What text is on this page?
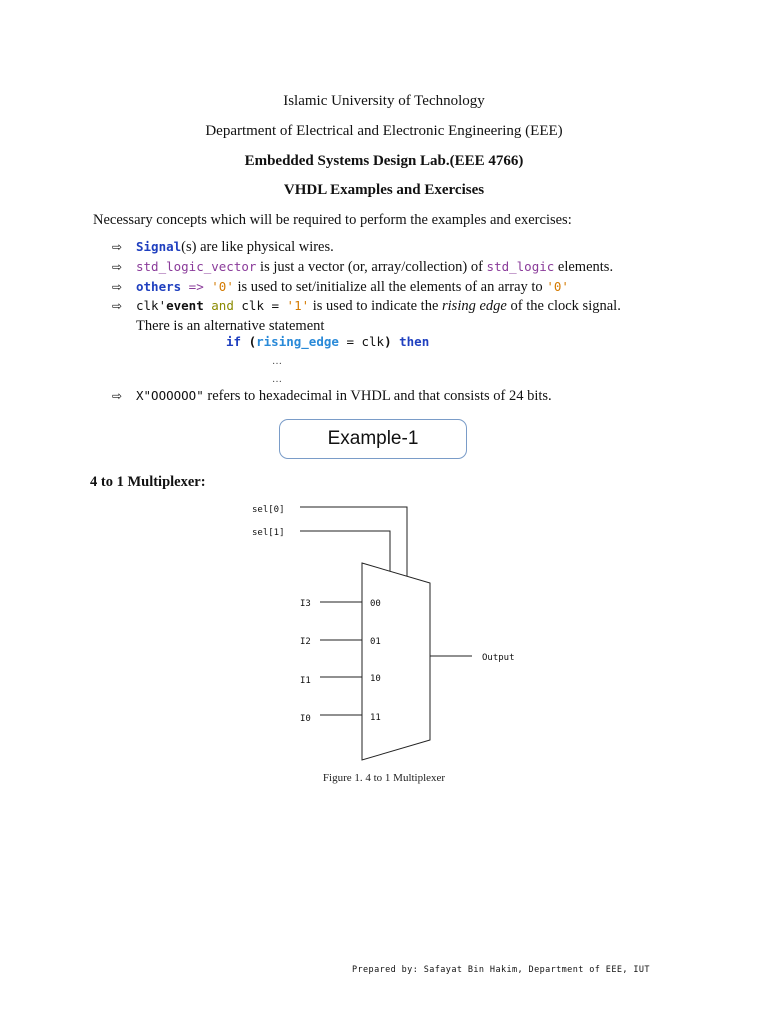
Islamic University of Technology
Department of Electrical and Electronic Engineering (EEE)
Embedded Systems Design Lab.(EEE 4766)
VHDL Examples and Exercises
Necessary concepts which will be required to perform the examples and exercises:
⇨ Signal(s) are like physical wires.
⇨ std_logic_vector is just a vector (or, array/collection) of std_logic elements.
⇨ others => '0' is used to set/initialize all the elements of an array to '0'
⇨ clk'event and clk = '1' is used to indicate the rising edge of the clock signal.
There is an alternative statement
if (rising_edge = clk) then
…
…
⇨ X"OOOOOO" refers to hexadecimal in VHDL and that consists of 24 bits.
Example-1
4 to 1 Multiplexer:
sel[0]
sel[1]
I3
I2
I1
I0
00
01
10
11
Output
Figure 1. 4 to 1 Multiplexer
Prepared by: Safayat Bin Hakim, Department of EEE, IUT
